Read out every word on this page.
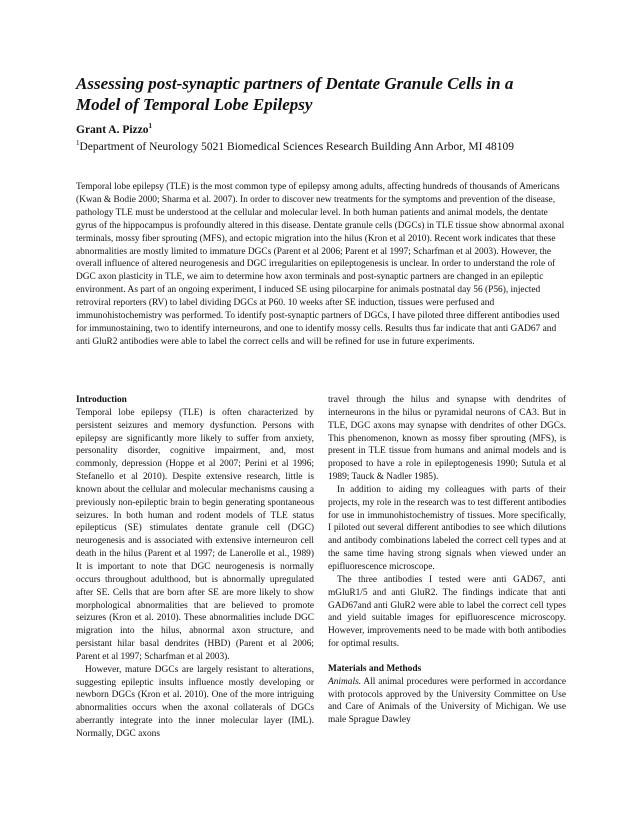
Assessing post-synaptic partners of Dentate Granule Cells in a Model of Temporal Lobe Epilepsy

Grant A. Pizzo$^1$

$^1$Department of Neurology 5021 Biomedical Sciences Research Building Ann Arbor, MI 48109

Temporal lobe epilepsy (TLE) is the most common type of epilepsy among adults, affecting hundreds of thousands of Americans (Kwan & Bodie 2000; Sharma et al. 2007). In order to discover new treatments for the symptoms and prevention of the disease, pathology TLE must be understood at the cellular and molecular level. In both human patients and animal models, the dentate gyrus of the hippocampus is profoundly altered in this disease. Dentate granule cells (DGCs) in TLE tissue show abnormal axonal terminals, mossy fiber sprouting (MFS), and ectopic migration into the hilus (Kron et al 2010). Recent work indicates that these abnormalities are mostly limited to immature DGCs (Parent et al 2006; Parent et al 1997; Scharfman et al 2003). However, the overall influence of altered neurogenesis and DGC irregularities on epileptogenesis is unclear. In order to understand the role of DGC axon plasticity in TLE, we aim to determine how axon terminals and post-synaptic partners are changed in an epileptic environment. As part of an ongoing experiment, I induced SE using pilocarpine for animals postnatal day 56 (P56), injected retroviral reporters (RV) to label dividing DGCs at P60. 10 weeks after SE induction, tissues were perfused and immunohistochemistry was performed. To identify post-synaptic partners of DGCs, I have piloted three different antibodies used for immunostaining, two to identify interneurons, and one to identify mossy cells. Results thus far indicate that anti GAD67 and anti GluR2 antibodies were able to label the correct cells and will be refined for use in future experiments.

Introduction

Temporal lobe epilepsy (TLE) is often characterized by persistent seizures and memory dysfunction. Persons with epilepsy are significantly more likely to suffer from anxiety, personality disorder, cognitive impairment, and, most commonly, depression (Hoppe et al 2007; Perini et al 1996; Stefanello et al 2010). Despite extensive research, little is known about the cellular and molecular mechanisms causing a previously non-epileptic brain to begin generating spontaneous seizures. In both human and rodent models of TLE status epilepticus (SE) stimulates dentate granule cell (DGC) neurogenesis and is associated with extensive interneuron cell death in the hilus (Parent et al 1997; de Lanerolle et al., 1989) It is important to note that DGC neurogenesis is normally occurs throughout adulthood, but is abnormally upregulated after SE. Cells that are born after SE are more likely to show morphological abnormalities that are believed to promote seizures (Kron et al. 2010). These abnormalities include DGC migration into the hilus, abnormal axon structure, and persistant hilar basal dendrites (HBD) (Parent et al 2006; Parent et al 1997; Scharfman et al 2003).

However, mature DGCs are largely resistant to alterations, suggesting epileptic insults influence mostly developing or newborn DGCs (Kron et al. 2010). One of the more intriguing abnormalities occurs when the axonal collaterals of DGCs aberrantly integrate into the inner molecular layer (IML). Normally, DGC axons

travel through the hilus and synapse with dendrites of interneurons in the hilus or pyramidal neurons of CA3. But in TLE, DGC axons may synapse with dendrites of other DGCs. This phenomenon, known as mossy fiber sprouting (MFS), is present in TLE tissue from humans and animal models and is proposed to have a role in epileptogenesis 1990; Sutula et al 1989; Tauck & Nadler 1985).

In addition to aiding my colleagues with parts of their projects, my role in the research was to test different antibodies for use in immunohistochemistry of tissues. More specifically, I piloted out several different antibodies to see which dilutions and antibody combinations labeled the correct cell types and at the same time having strong signals when viewed under an epifluorescence microscope.

The three antibodies I tested were anti GAD67, anti mGluR1/5 and anti GluR2. The findings indicate that anti GAD67and anti GluR2 were able to label the correct cell types and yield suitable images for epifluorescence microscopy. However, improvements need to be made with both antibodies for optimal results.

Materials and Methods

Animals. All animal procedures were performed in accordance with protocols approved by the University Committee on Use and Care of Animals of the University of Michigan. We use male Sprague Dawley
